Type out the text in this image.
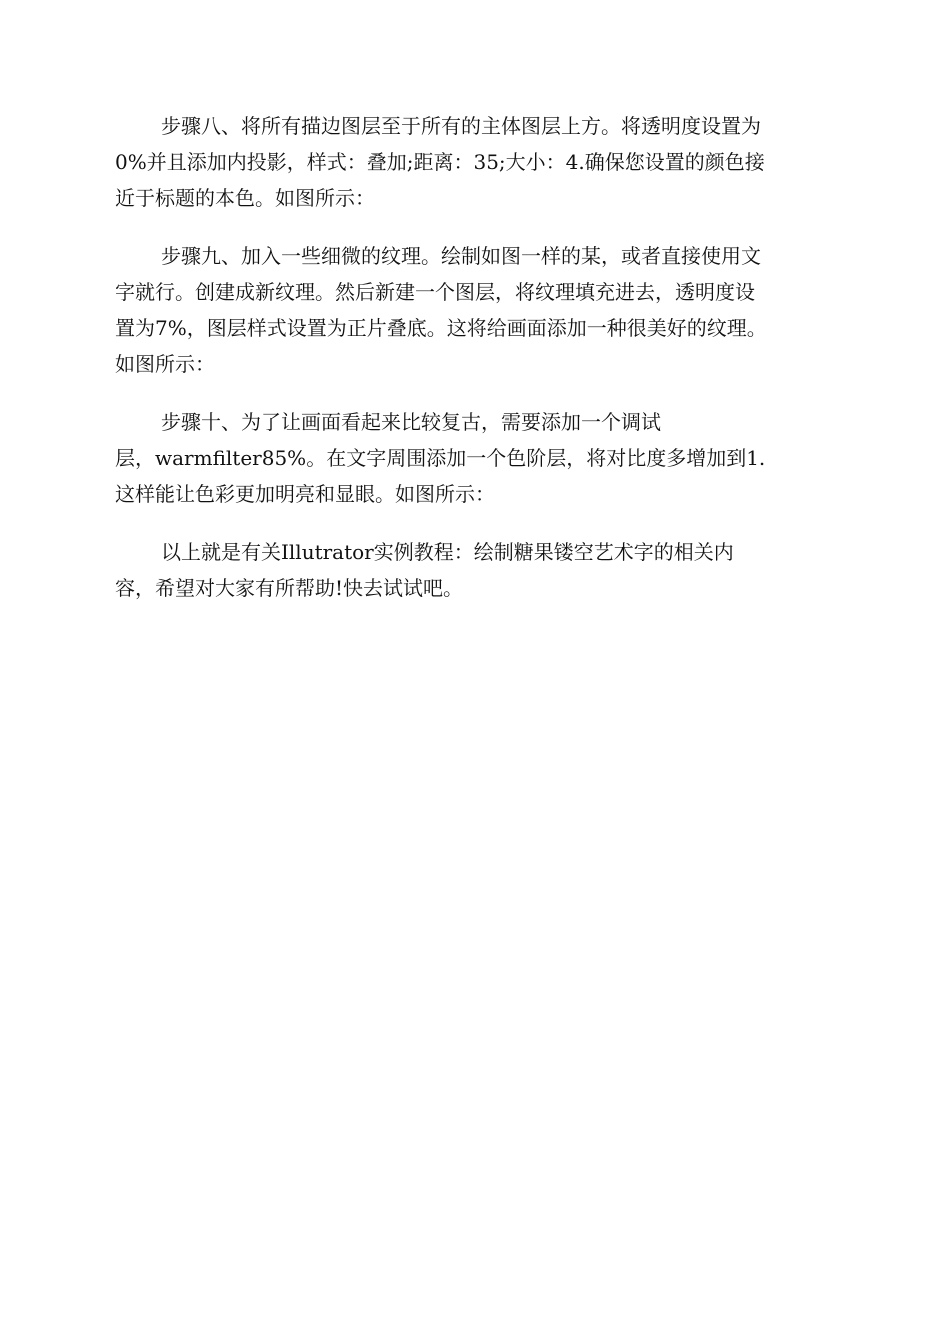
步骤八、将所有描边图层至于所有的主体图层上方。将透明度设置为
0%并且添加内投影，样式：叠加;距离：35;大小：4.确保您设置的颜色接
近于标题的本色。如图所示：

步骤九、加入一些细微的纹理。绘制如图一样的某，或者直接使用文
字就行。创建成新纹理。然后新建一个图层，将纹理填充进去，透明度设
置为7%，图层样式设置为正片叠底。这将给画面添加一种很美好的纹理。
如图所示：

步骤十、为了让画面看起来比较复古，需要添加一个调试
层，warmfilter85%。在文字周围添加一个色阶层，将对比度多增加到1.
这样能让色彩更加明亮和显眼。如图所示：

以上就是有关Illutrator实例教程：绘制糖果镂空艺术字的相关内
容，希望对大家有所帮助!快去试试吧。
